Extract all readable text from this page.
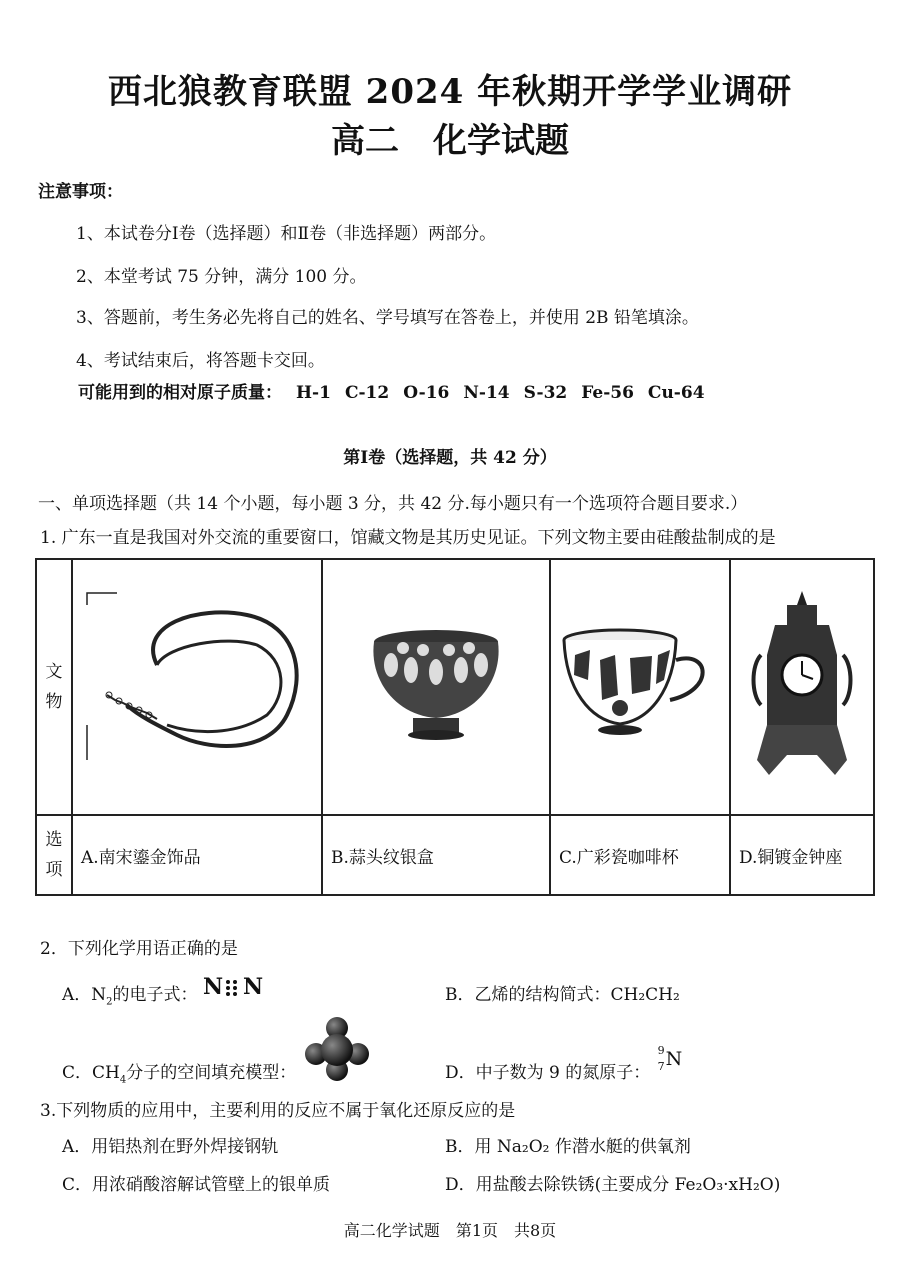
西北狼教育联盟 2024 年秋期开学学业调研
高二 化学试题
注意事项：
1、本试卷分Ⅰ卷（选择题）和Ⅱ卷（非选择题）两部分。
2、本堂考试 75 分钟，满分 100 分。
3、答题前，考生务必先将自己的姓名、学号填写在答卷上，并使用 2B 铅笔填涂。
4、考试结束后，将答题卡交回。
可能用到的相对原子质量： H-1 C-12 O-16 N-14 S-32 Fe-56 Cu-64
第Ⅰ卷（选择题，共 42 分）
一、单项选择题（共 14 个小题，每小题 3 分，共 42 分.每小题只有一个选项符合题目要求.）
1. 广东一直是我国对外交流的重要窗口，馆藏文物是其历史见证。下列文物主要由硅酸盐制成的是
文
物

选
项	A.南宋鎏金饰品	B.蒜头纹银盒	C.广彩瓷咖啡杯	D.铜镀金钟座
2．下列化学用语正确的是
A．$N_2$的电子式： N N	B．乙烯的结构简式：CH₂CH₂
C．$CH_4$分子的空间填充模型：	D．中子数为 9 的氮原子：
9
7 N
3.下列物质的应用中，主要利用的反应不属于氧化还原反应的是
A．用铝热剂在野外焊接钢轨	B．用 Na₂O₂ 作潜水艇的供氧剂
C．用浓硝酸溶解试管壁上的银单质	D．用盐酸去除铁锈(主要成分 Fe₂O₃·xH₂O)
高二化学试题 第1页 共8页
